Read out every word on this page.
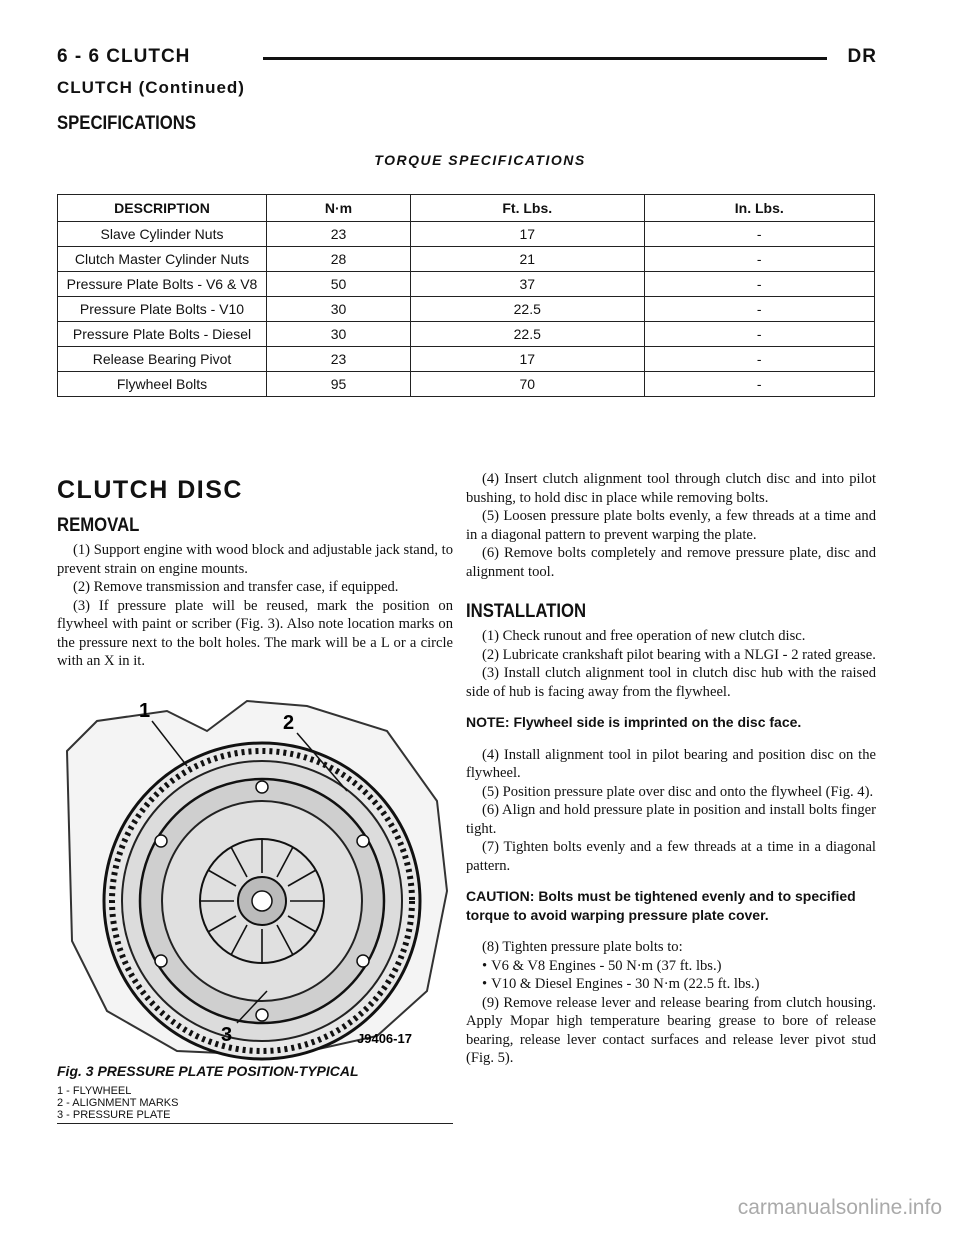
6 - 6 CLUTCH	DR
CLUTCH (Continued)
SPECIFICATIONS
TORQUE SPECIFICATIONS
DESCRIPTION	N·m	Ft. Lbs.	In. Lbs.
Slave Cylinder Nuts	23	17	-
Clutch Master Cylinder Nuts	28	21	-
Pressure Plate Bolts - V6 & V8	50	37	-
Pressure Plate Bolts - V10	30	22.5	-
Pressure Plate Bolts - Diesel	30	22.5	-
Release Bearing Pivot	23	17	-
Flywheel Bolts	95	70	-
CLUTCH DISC
REMOVAL

(1) Support engine with wood block and adjustable jack stand, to prevent strain on engine mounts.

(2) Remove transmission and transfer case, if equipped.

(3) If pressure plate will be reused, mark the position on flywheel with paint or scriber (Fig. 3). Also note location marks on the pressure next to the bolt holes. The mark will be a L or a circle with an X in it.

1
2
3	J9406-17
Fig. 3 PRESSURE PLATE POSITION-TYPICAL
1 - FLYWHEEL
2 - ALIGNMENT MARKS
3 - PRESSURE PLATE

(4) Insert clutch alignment tool through clutch disc and into pilot bushing, to hold disc in place while removing bolts.

(5) Loosen pressure plate bolts evenly, a few threads at a time and in a diagonal pattern to prevent warping the plate.

(6) Remove bolts completely and remove pressure plate, disc and alignment tool.

INSTALLATION

(1) Check runout and free operation of new clutch disc.

(2) Lubricate crankshaft pilot bearing with a NLGI - 2 rated grease.

(3) Install clutch alignment tool in clutch disc hub with the raised side of hub is facing away from the flywheel.

NOTE: Flywheel side is imprinted on the disc face.

(4) Install alignment tool in pilot bearing and position disc on the flywheel.

(5) Position pressure plate over disc and onto the flywheel (Fig. 4).

(6) Align and hold pressure plate in position and install bolts finger tight.

(7) Tighten bolts evenly and a few threads at a time in a diagonal pattern.

CAUTION: Bolts must be tightened evenly and to specified torque to avoid warping pressure plate cover.

(8) Tighten pressure plate bolts to:

• V6 & V8 Engines - 50 N·m (37 ft. lbs.)

• V10 & Diesel Engines - 30 N·m (22.5 ft. lbs.)

(9) Remove release lever and release bearing from clutch housing. Apply Mopar high temperature bearing grease to bore of release bearing, release lever contact surfaces and release lever pivot stud (Fig. 5).

carmanualsonline.info
